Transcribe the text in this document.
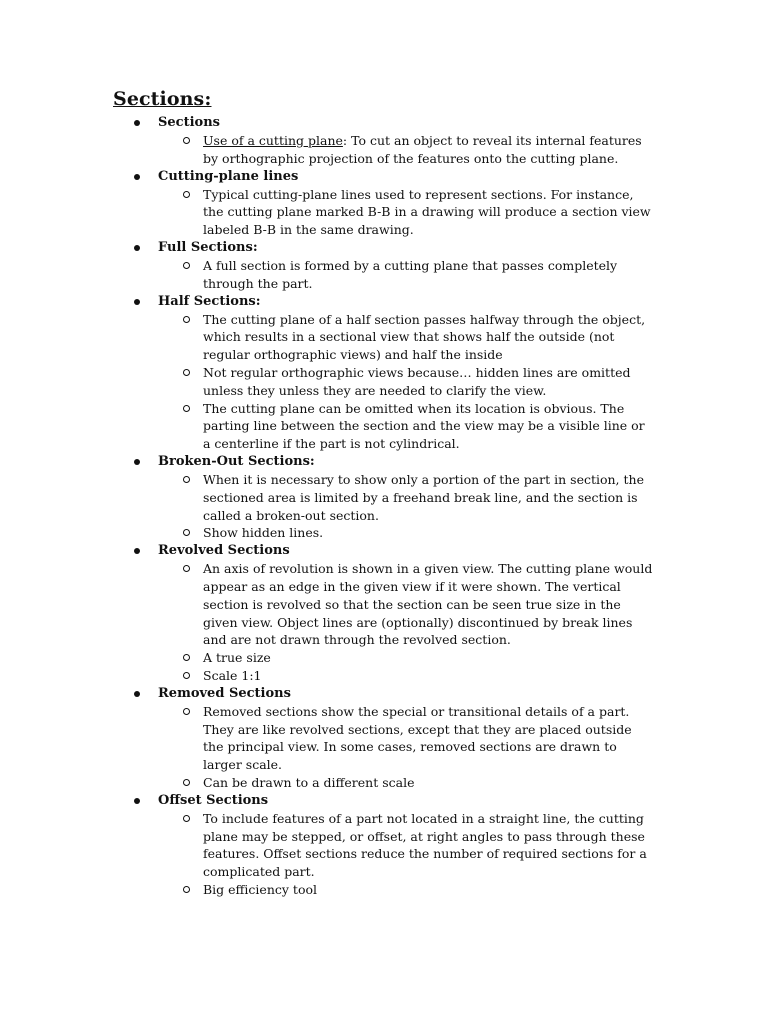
Sections:
Sections
Use of a cutting plane: To cut an object to reveal its internal features by orthographic projection of the features onto the cutting plane.
Cutting-plane lines
Typical cutting-plane lines used to represent sections. For instance, the cutting plane marked B-B in a drawing will produce a section view labeled B-B in the same drawing.
Full Sections:
A full section is formed by a cutting plane that passes completely through the part.
Half Sections:
The cutting plane of a half section passes halfway through the object, which results in a sectional view that shows half the outside (not regular orthographic views) and half the inside
Not regular orthographic views because… hidden lines are omitted unless they unless they are needed to clarify the view.
The cutting plane can be omitted when its location is obvious. The parting line between the section and the view may be a visible line or a centerline if the part is not cylindrical.
Broken-Out Sections:
When it is necessary to show only a portion of the part in section, the sectioned area is limited by a freehand break line, and the section is called a broken-out section.
Show hidden lines.
Revolved Sections
An axis of revolution is shown in a given view. The cutting plane would appear as an edge in the given view if it were shown. The vertical section is revolved so that the section can be seen true size in the given view. Object lines are (optionally) discontinued by break lines and are not drawn through the revolved section.
A true size
Scale 1:1
Removed Sections
Removed sections show the special or transitional details of a part. They are like revolved sections, except that they are placed outside the principal view. In some cases, removed sections are drawn to larger scale.
Can be drawn to a different scale
Offset Sections
To include features of a part not located in a straight line, the cutting plane may be stepped, or offset, at right angles to pass through these features. Offset sections reduce the number of required sections for a complicated part.
Big efficiency tool
